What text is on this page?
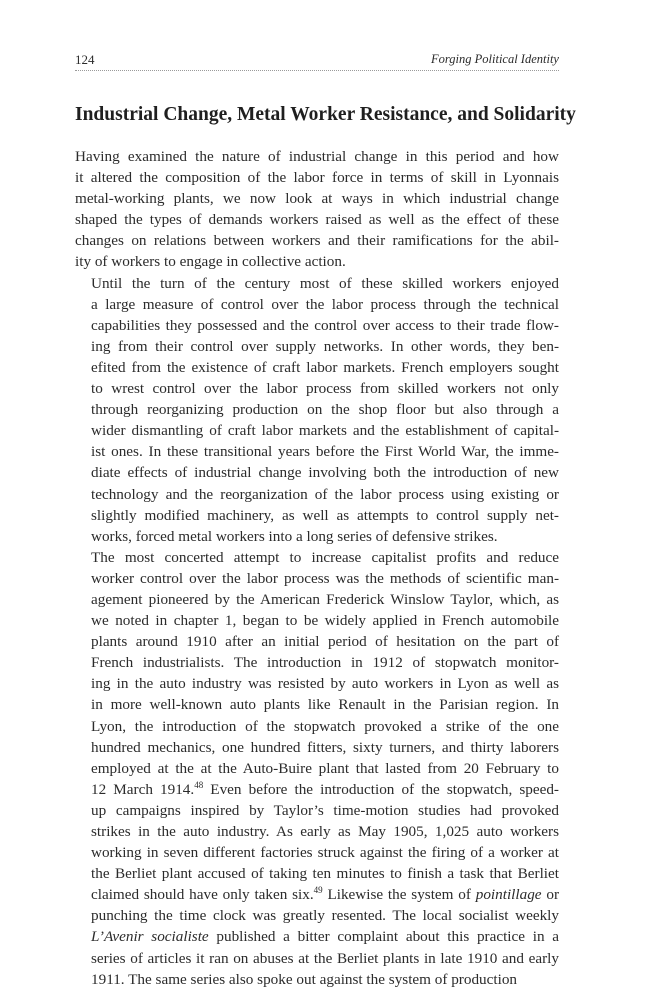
124	Forging Political Identity
Industrial Change, Metal Worker Resistance, and Solidarity

Having examined the nature of industrial change in this period and how
it altered the composition of the labor force in terms of skill in Lyonnais
metal-working plants, we now look at ways in which industrial change
shaped the types of demands workers raised as well as the effect of these
changes on relations between workers and their ramifications for the abil-
ity of workers to engage in collective action.

Until the turn of the century most of these skilled workers enjoyed
a large measure of control over the labor process through the technical
capabilities they possessed and the control over access to their trade flow-
ing from their control over supply networks. In other words, they ben-
efited from the existence of craft labor markets. French employers sought
to wrest control over the labor process from skilled workers not only
through reorganizing production on the shop floor but also through a
wider dismantling of craft labor markets and the establishment of capital-
ist ones. In these transitional years before the First World War, the imme-
diate effects of industrial change involving both the introduction of new
technology and the reorganization of the labor process using existing or
slightly modified machinery, as well as attempts to control supply net-
works, forced metal workers into a long series of defensive strikes.

The most concerted attempt to increase capitalist profits and reduce
worker control over the labor process was the methods of scientific man-
agement pioneered by the American Frederick Winslow Taylor, which, as
we noted in chapter 1, began to be widely applied in French automobile
plants around 1910 after an initial period of hesitation on the part of
French industrialists. The introduction in 1912 of stopwatch monitor-
ing in the auto industry was resisted by auto workers in Lyon as well as
in more well-known auto plants like Renault in the Parisian region. In
Lyon, the introduction of the stopwatch provoked a strike of the one
hundred mechanics, one hundred fitters, sixty turners, and thirty laborers
employed at the at the Auto-Buire plant that lasted from 20 February to
12 March 1914.48 Even before the introduction of the stopwatch, speed-
up campaigns inspired by Taylor’s time-motion studies had provoked
strikes in the auto industry. As early as May 1905, 1,025 auto workers
working in seven different factories struck against the firing of a worker at
the Berliet plant accused of taking ten minutes to finish a task that Berliet
claimed should have only taken six.$^{49}$ Likewise the system of pointillage or
punching the time clock was greatly resented. The local socialist weekly
L’Avenir socialiste published a bitter complaint about this practice in a
series of articles it ran on abuses at the Berliet plants in late 1910 and early
1911. The same series also spoke out against the system of production
